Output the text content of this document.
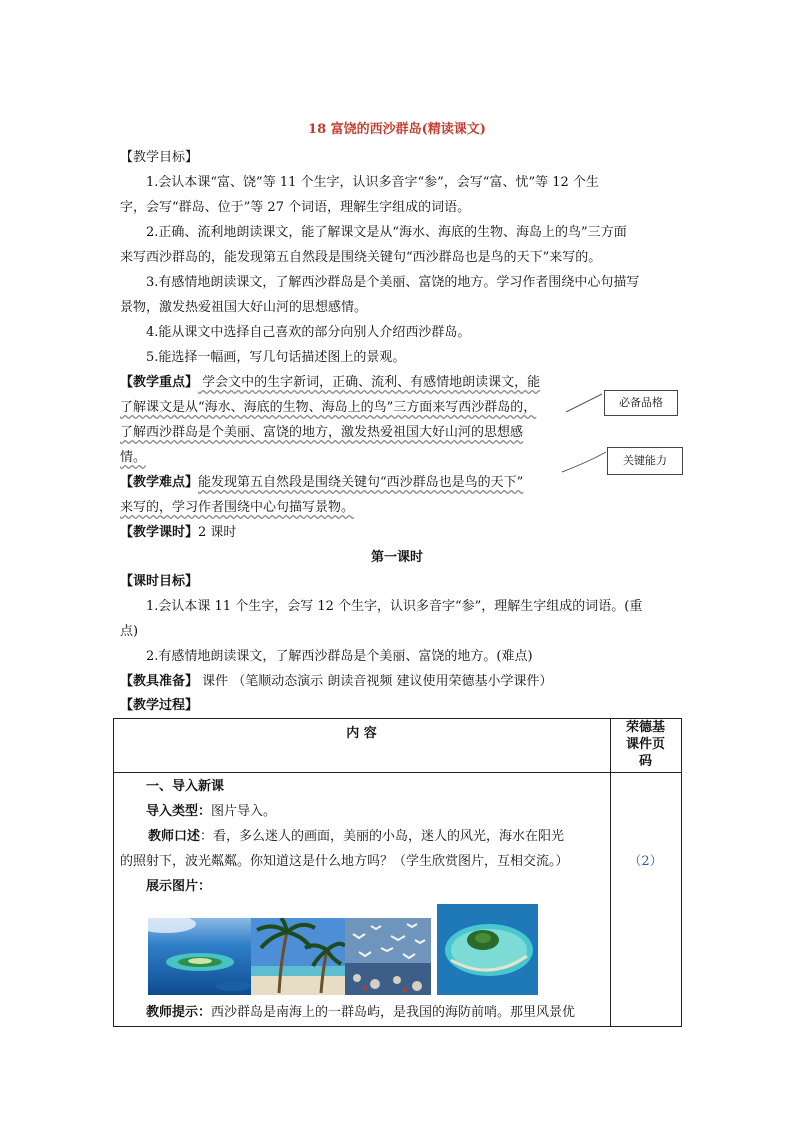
18 富饶的西沙群岛(精读课文)
【教学目标】
1.会认本课“富、饶”等 11 个生字，认识多音字“参”，会写“富、忧”等 12 个生
字，会写“群岛、位于”等 27 个词语，理解生字组成的词语。
2.正确、流利地朗读课文，能了解课文是从“海水、海底的生物、海岛上的鸟”三方面
来写西沙群岛的，能发现第五自然段是围绕关键句“西沙群岛也是鸟的天下”来写的。
3.有感情地朗读课文，了解西沙群岛是个美丽、富饶的地方。学习作者围绕中心句描写
景物，激发热爱祖国大好山河的思想感情。
4.能从课文中选择自己喜欢的部分向别人介绍西沙群岛。
5.能选择一幅画，写几句话描述图上的景观。
【教学重点】 学会文中的生字新词，正确、流利、有感情地朗读课文，能
了解课文是从“海水、海底的生物、海岛上的鸟”三方面来写西沙群岛的，
了解西沙群岛是个美丽、富饶的地方，激发热爱祖国大好山河的思想感
情。
【教学难点】能发现第五自然段是围绕关键句“西沙群岛也是鸟的天下”
来写的，学习作者围绕中心句描写景物。
必备品格
关键能力
【教学课时】2 课时
第一课时
【课时目标】
1.会认本课 11 个生字，会写 12 个生字，认识多音字“参”，理解生字组成的词语。(重
点)
2.有感情地朗读课文，了解西沙群岛是个美丽、富饶的地方。(难点)
【教具准备】 课件 （笔顺动态演示 朗读音视频 建议使用荣德基小学课件）
【教学过程】
内 容	荣德基
课件页
码
一、导入新课
导入类型：图片导入。
教师口述：看，多么迷人的画面，美丽的小岛，迷人的风光，海水在阳光
的照射下，波光粼粼。你知道这是什么地方吗？（学生欣赏图片，互相交流。）	（2）
展示图片：
教师提示：西沙群岛是南海上的一群岛屿，是我国的海防前哨。那里风景优
